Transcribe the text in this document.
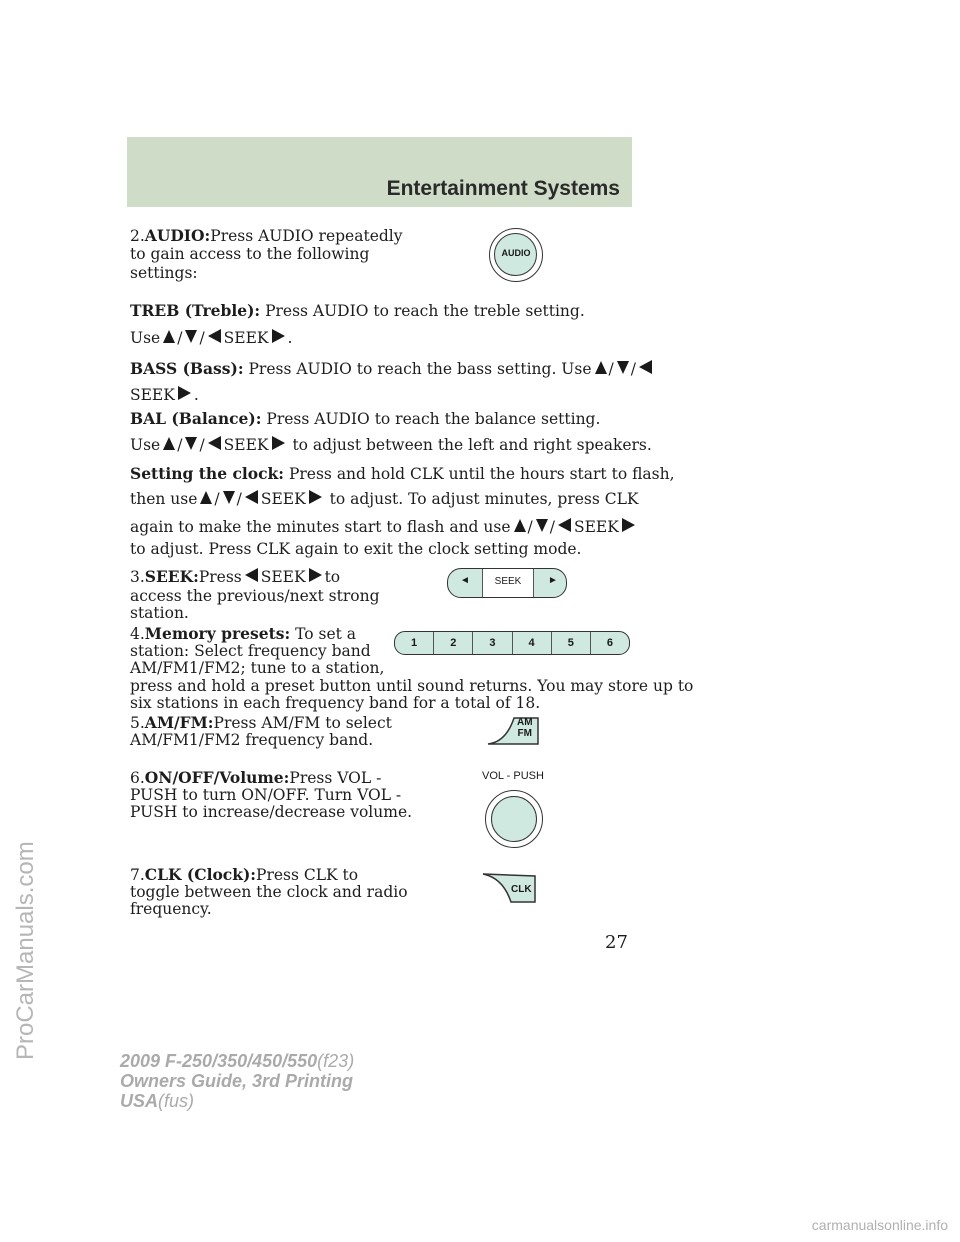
Entertainment Systems
ProCarManuals.com
2.AUDIO:Press AUDIO repeatedly
to gain access to the following
settings:
AUDIO
TREB (Treble): Press AUDIO to reach the treble setting.
Use / / SEEK .
BASS (Bass): Press AUDIO to reach the bass setting. Use / /
SEEK .
BAL (Balance): Press AUDIO to reach the balance setting.
Use / / SEEK to adjust between the left and right speakers.
Setting the clock: Press and hold CLK until the hours start to flash,
then use / / SEEK to adjust. To adjust minutes, press CLK
again to make the minutes start to flash and use / / SEEK
to adjust. Press CLK again to exit the clock setting mode.
3.SEEK:Press SEEK to
access the previous/next strong
station.
◄	SEEK	►
4.Memory presets: To set a
station: Select frequency band
AM/FM1/FM2; tune to a station,
press and hold a preset button until sound returns. You may store up to
six stations in each frequency band for a total of 18.
1	2	3	4	5	6
5.AM/FM:Press AM/FM to select
AM/FM1/FM2 frequency band.
AM
FM
6.ON/OFF/Volume:Press VOL -
PUSH to turn ON/OFF. Turn VOL -
PUSH to increase/decrease volume.
VOL - PUSH
7.CLK (Clock):Press CLK to
toggle between the clock and radio
frequency.
CLK
27
2009 F-250/350/450/550(f23)
Owners Guide, 3rd Printing
USA(fus)
carmanualsonline.info
